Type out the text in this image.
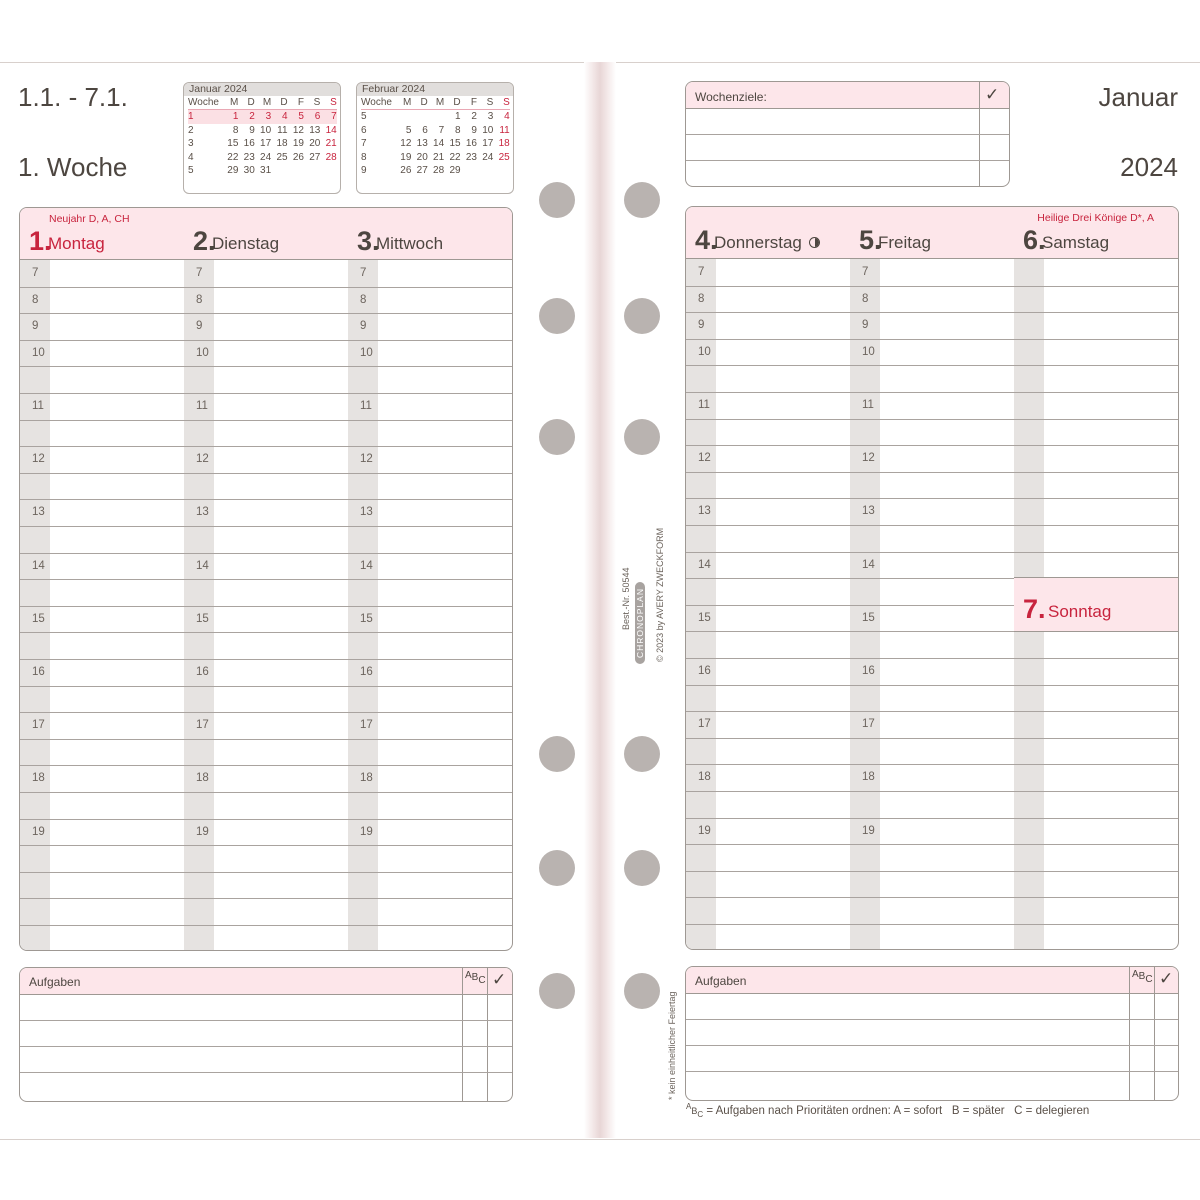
1.1. - 7.1.
1. Woche
Januar 2024
Woche	M	D	M	D	F	S	S
1	1	2	3	4	5	6	7
2	8	9	10	11	12	13	14
3	15	16	17	18	19	20	21
4	22	23	24	25	26	27	28
5	29	30	31				
Februar 2024
Woche	M	D	M	D	F	S	S
5				1	2	3	4
6	5	6	7	8	9	10	11
7	12	13	14	15	16	17	18
8	19	20	21	22	23	24	25
9	26	27	28	29			
Januar
2024
Wochenziele:	✓
Neujahr D, A, CH
1.
Montag
7
8
9
10
11
12
13
14
15
16
17
18
19
2.
Dienstag
7
8
9
10
11
12
13
14
15
16
17
18
19
3.
Mittwoch
7
8
9
10
11
12
13
14
15
16
17
18
19
4.
Donnerstag
7
8
9
10
11
12
13
14
15
16
17
18
19
5.
Freitag
7
8
9
10
11
12
13
14
15
16
17
18
19
Heilige Drei Könige D*, A
6.
Samstag
7. Sonntag
Aufgaben	ABC ✓	Aufgaben	ABC ✓
* kein einheitlicher Feiertag
Best.-Nr. 50544 CHRONOPLAN © 2023 by AVERY ZWECKFORM
$^AB_C$ = Aufgaben nach Prioritäten ordnen: A = sofort   B = später   C = delegieren
